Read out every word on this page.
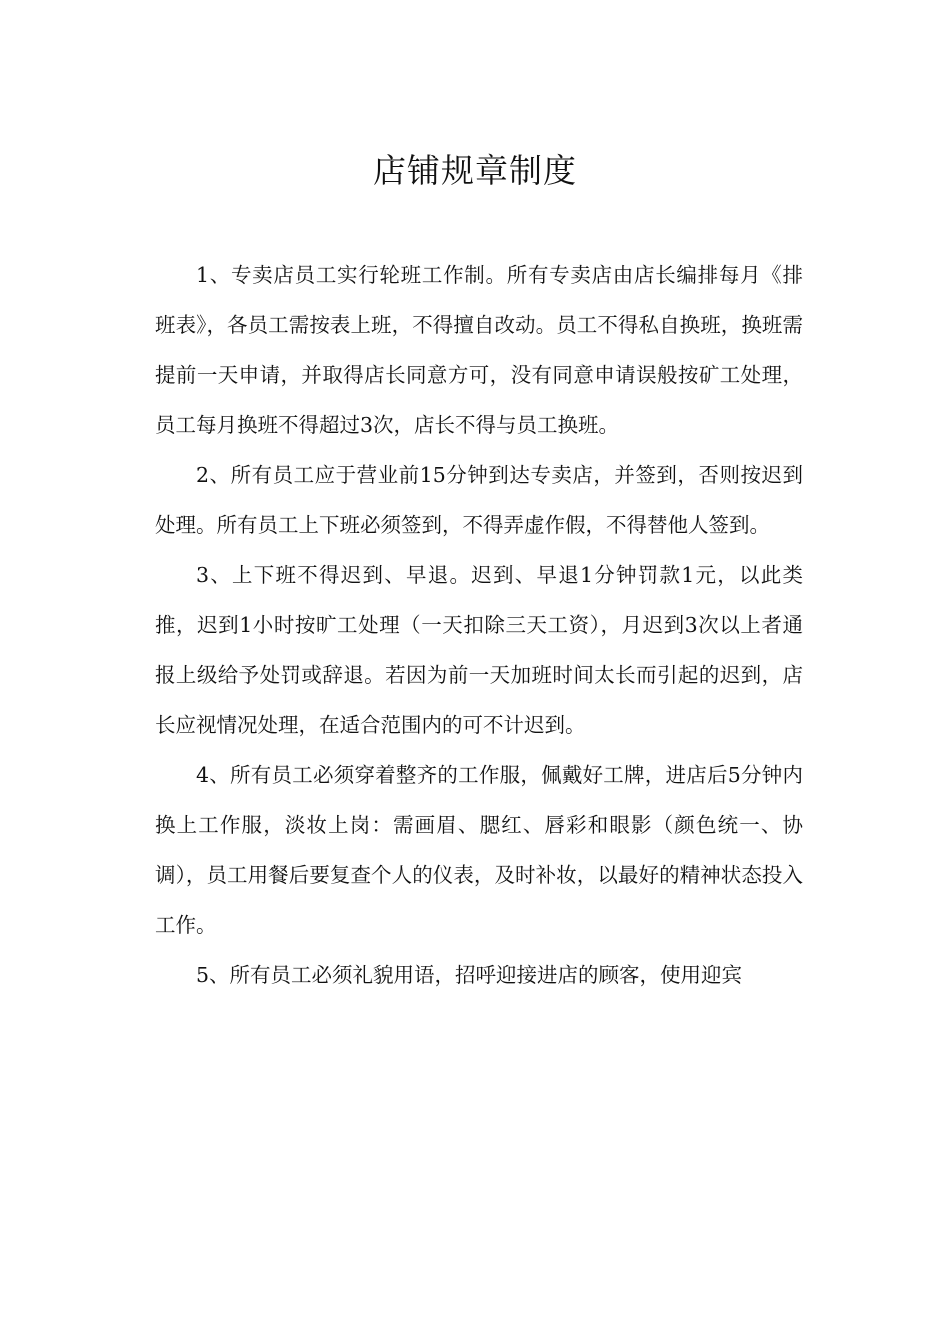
店铺规章制度

1、专卖店员工实行轮班工作制。所有专卖店由店长编排每月《排班表》，各员工需按表上班，不得擅自改动。员工不得私自换班，换班需提前一天申请，并取得店长同意方可，没有同意申请误般按矿工处理，员工每月换班不得超过3次，店长不得与员工换班。

2、所有员工应于营业前15分钟到达专卖店，并签到，否则按迟到处理。所有员工上下班必须签到，不得弄虚作假，不得替他人签到。

3、上下班不得迟到、早退。迟到、早退1分钟罚款1元，以此类推，迟到1小时按旷工处理（一天扣除三天工资），月迟到3次以上者通报上级给予处罚或辞退。若因为前一天加班时间太长而引起的迟到，店长应视情况处理，在适合范围内的可不计迟到。

4、所有员工必须穿着整齐的工作服，佩戴好工牌，进店后5分钟内换上工作服，淡妆上岗：需画眉、腮红、唇彩和眼影（颜色统一、协调），员工用餐后要复查个人的仪表，及时补妆，以最好的精神状态投入工作。

5、所有员工必须礼貌用语，招呼迎接进店的顾客，使用迎宾
